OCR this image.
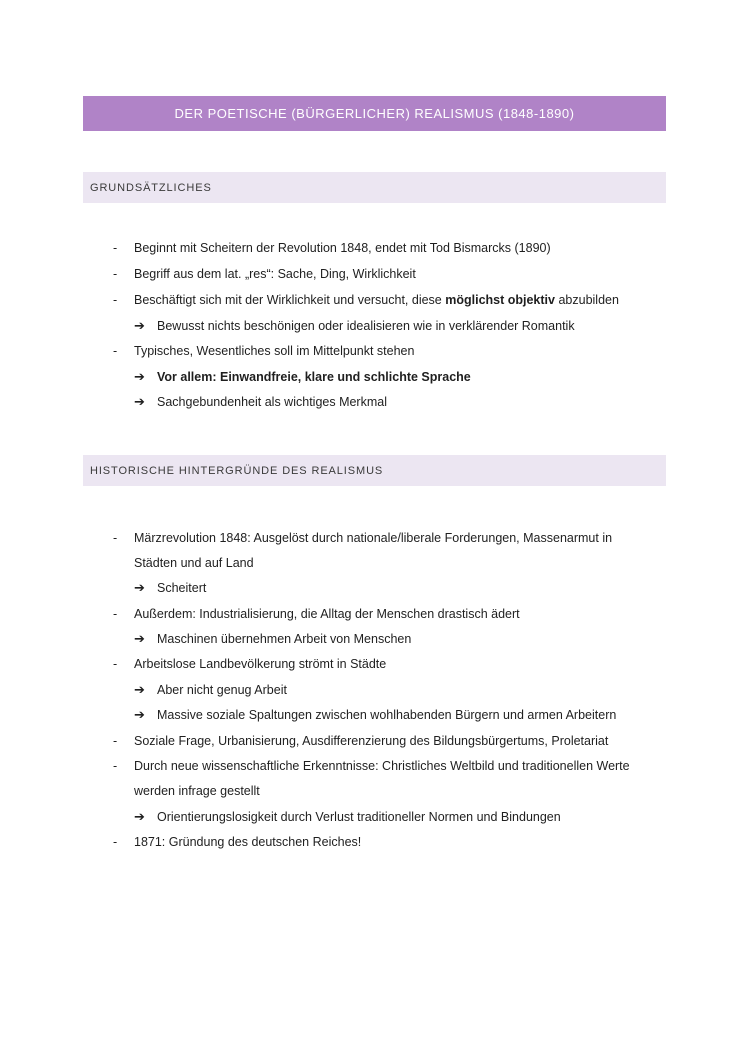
DER POETISCHE (BÜRGERLICHER) REALISMUS (1848-1890)
GRUNDSÄTZLICHES
-	Beginnt mit Scheitern der Revolution 1848, endet mit Tod Bismarcks (1890)
-	Begriff aus dem lat. „res“: Sache, Ding, Wirklichkeit
-	Beschäftigt sich mit der Wirklichkeit und versucht, diese möglichst objektiv abzubilden
➔ Bewusst nichts beschönigen oder idealisieren wie in verklärender Romantik
-	Typisches, Wesentliches soll im Mittelpunkt stehen
➔ Vor allem: Einwandfreie, klare und schlichte Sprache
➔ Sachgebundenheit als wichtiges Merkmal
HISTORISCHE HINTERGRÜNDE DES REALISMUS
-	Märzrevolution 1848: Ausgelöst durch nationale/liberale Forderungen, Massenarmut in
Städten und auf Land
➔ Scheitert
-	Außerdem: Industrialisierung, die Alltag der Menschen drastisch ädert
➔ Maschinen übernehmen Arbeit von Menschen
-	Arbeitslose Landbevölkerung strömt in Städte
➔ Aber nicht genug Arbeit
➔ Massive soziale Spaltungen zwischen wohlhabenden Bürgern und armen Arbeitern
-	Soziale Frage, Urbanisierung, Ausdifferenzierung des Bildungsbürgertums, Proletariat
-	Durch neue wissenschaftliche Erkenntnisse: Christliches Weltbild und traditionellen Werte
werden infrage gestellt
➔ Orientierungslosigkeit durch Verlust traditioneller Normen und Bindungen
-	1871: Gründung des deutschen Reiches!
